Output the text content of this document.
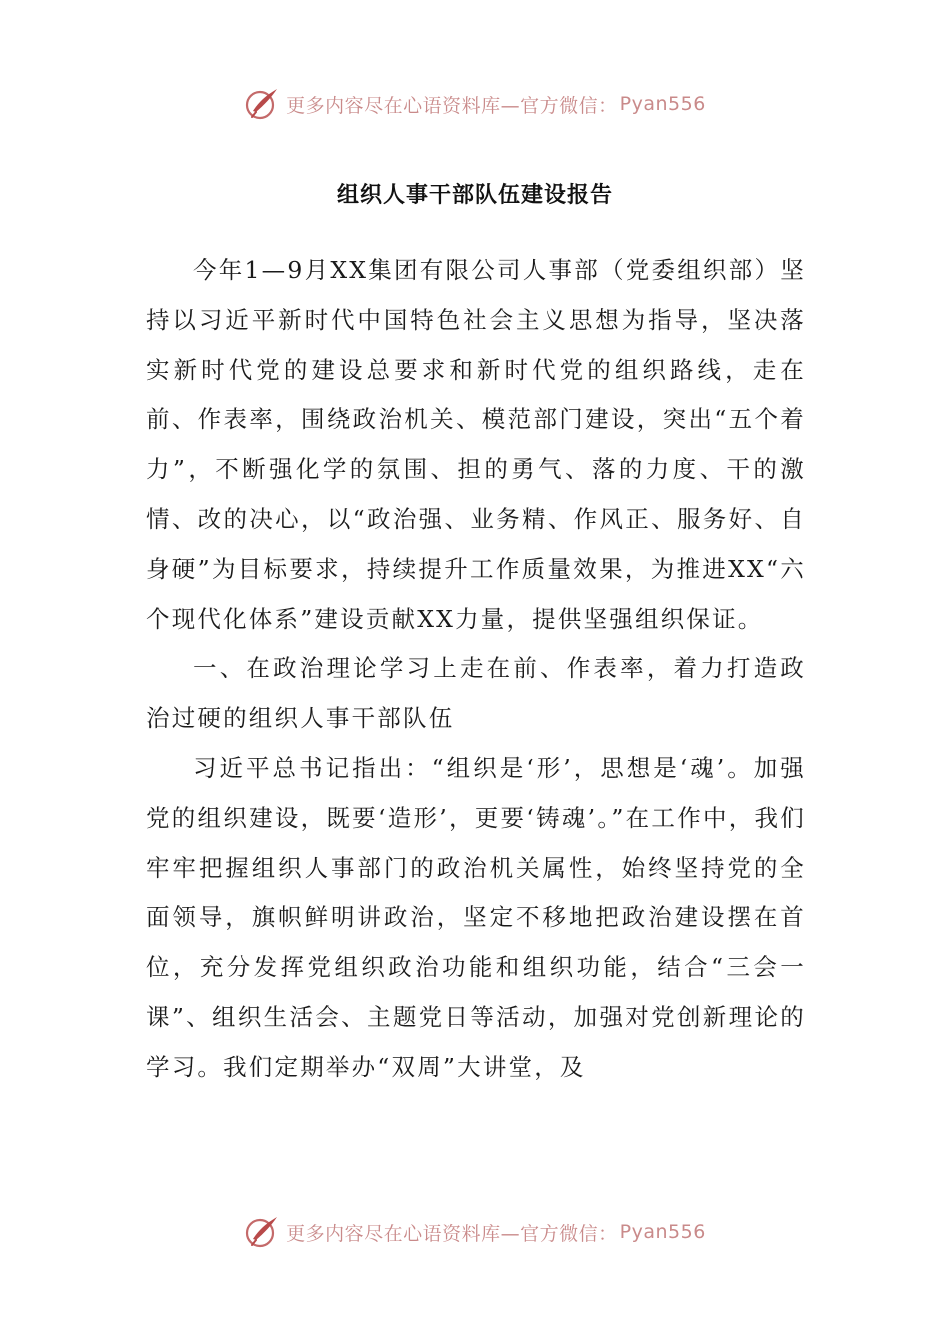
更多内容尽在心语资料库—官方微信： Pyan556
组织人事干部队伍建设报告

今年1—9月XX集团有限公司人事部（党委组织部）坚持以习近平新时代中国特色社会主义思想为指导，坚决落实新时代党的建设总要求和新时代党的组织路线，走在前、作表率，围绕政治机关、模范部门建设，突出“五个着力”，不断强化学的氛围、担的勇气、落的力度、干的激情、改的决心，以“政治强、业务精、作风正、服务好、自身硬”为目标要求，持续提升工作质量效果，为推进XX“六个现代化体系”建设贡献XX力量，提供坚强组织保证。

一、在政治理论学习上走在前、作表率，着力打造政治过硬的组织人事干部队伍

习近平总书记指出：“组织是‘形’，思想是‘魂’。加强党的组织建设，既要‘造形’，更要‘铸魂’。”在工作中，我们牢牢把握组织人事部门的政治机关属性，始终坚持党的全面领导，旗帜鲜明讲政治，坚定不移地把政治建设摆在首位，充分发挥党组织政治功能和组织功能，结合“三会一课”、组织生活会、主题党日等活动，加强对党创新理论的学习。我们定期举办“双周”大讲堂，及

更多内容尽在心语资料库—官方微信： Pyan556
